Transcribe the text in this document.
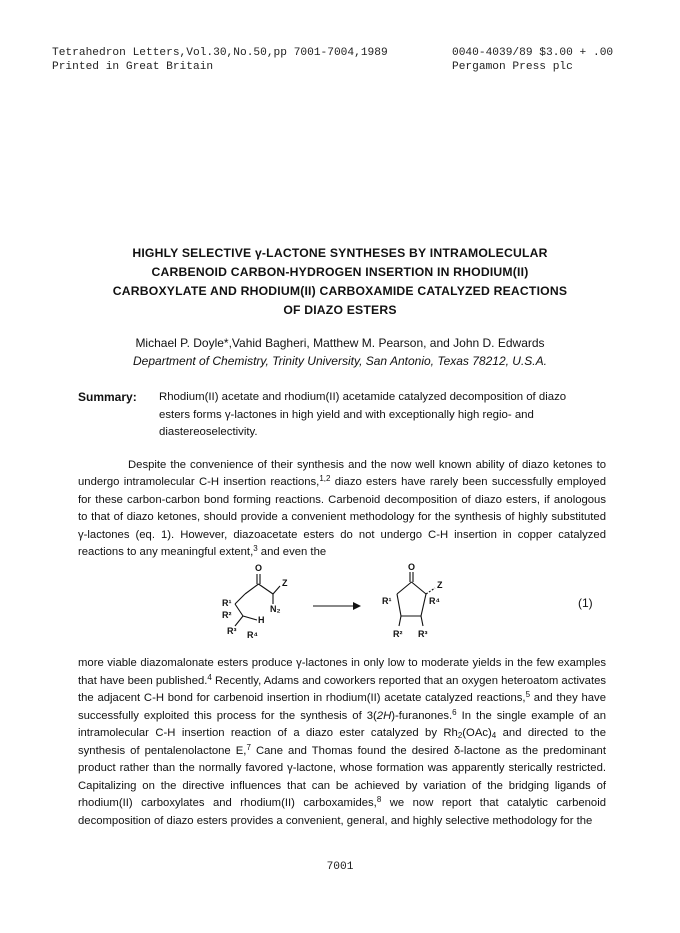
Tetrahedron Letters,Vol.30,No.50,pp 7001-7004,1989
Printed in Great Britain
0040-4039/89 $3.00 + .00
Pergamon Press plc
HIGHLY SELECTIVE γ-LACTONE SYNTHESES BY INTRAMOLECULAR
CARBENOID CARBON-HYDROGEN INSERTION IN RHODIUM(II)
CARBOXYLATE AND RHODIUM(II) CARBOXAMIDE CATALYZED REACTIONS
OF DIAZO ESTERS
Michael P. Doyle*,Vahid Bagheri, Matthew M. Pearson, and John D. Edwards
Department of Chemistry, Trinity University, San Antonio, Texas 78212, U.S.A.
Summary: Rhodium(II) acetate and rhodium(II) acetamide catalyzed decomposition of diazo
esters forms γ-lactones in high yield and with exceptionally high regio- and
diastereoselectivity.
Despite the convenience of their synthesis and the now well known ability of diazo ketones to undergo intramolecular C-H insertion reactions,$^{1,2}$ diazo esters have rarely been successfully employed for these carbon-carbon bond forming reactions. Carbenoid decomposition of diazo esters, if anologous to that of diazo ketones, should provide a convenient methodology for the synthesis of highly substituted γ-lactones (eq. 1). However, diazoacetate esters do not undergo C-H insertion in copper catalyzed reactions to any meaningful extent,$^3$ and even the
O
Z
R¹
N₂
R²	H
R³ R⁴
O
Z
R¹	R⁴
R² R³
(1)
more viable diazomalonate esters produce γ-lactones in only low to moderate yields in the few examples that have been published.$^4$ Recently, Adams and coworkers reported that an oxygen heteroatom activates the adjacent C-H bond for carbenoid insertion in rhodium(II) acetate catalyzed reactions,$^5$ and they have successfully exploited this process for the synthesis of 3(2H)-furanones.$^6$ In the single example of an intramolecular C-H insertion reaction of a diazo ester catalyzed by $Rh_2(OAc)_4$ and directed to the synthesis of pentalenolactone E,$^7$ Cane and Thomas found the desired δ-lactone as the predominant product rather than the normally favored γ-lactone, whose formation was apparently sterically restricted. Capitalizing on the directive influences that can be achieved by variation of the bridging ligands of rhodium(II) carboxylates and rhodium(II) carboxamides,$^8$ we now report that catalytic carbenoid decomposition of diazo esters provides a convenient, general, and highly selective methodology for the
7001
